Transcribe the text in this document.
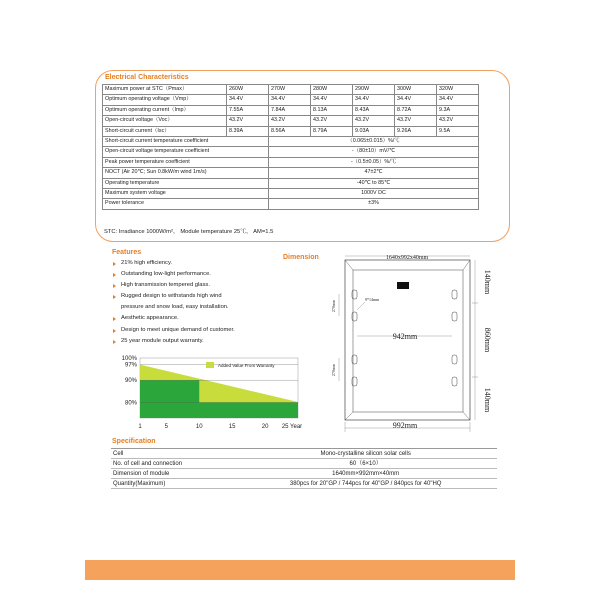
Electrical Characteristics
Maximum power at STC（Pmax）	260W	270W	280W	290W	300W	320W
Optimum operating voltage（Vmp）	34.4V	34.4V	34.4V	34.4V	34.4V	34.4V
Optimum operating current（Imp）	7.55A	7.84A	8.13A	8.43A	8.72A	9.3A
Open-circuit voltage（Voc）	43.2V	43.2V	43.2V	43.2V	43.2V	43.2V
Short-circuit current（Isc）	8.39A	8.56A	8.79A	9.03A	9.26A	9.5A
Short-circuit current temperature coefficient		（0.065±0.015）%/℃				
Open-circuit voltage temperature coefficient		-（80±10）mV/℃				
Peak power temperature coefficient		-（0.5±0.05）%/℃				
NOCT (Air 20℃; Sun 0.8kW/m wind 1m/s)		47±2℃				
Operating temperature		-40℃ to 85℃				
Maximum system voltage		1000V DC				
Power tolerance		±3%				
STC: Irradiance 1000W/m²， Module temperature 25℃， AM=1.5
Features
21% high efficiency.
Outstanding low-light performance.
High transmission tempered glass.
Rugged design to withstands high wind
pressure and snow load, easy installation.
Aesthetic appearance.
Design to meet unique demand of customer.
25 year module output warranty.
100%
97%
90%
80%
1	5	10	15	20 25 Year
Added Value From Warranty
Dimension	1640x992x40mm
140mm
860mm
140mm
270mm
270mm
9*14mm
942mm
992mm
Specification
Cell	Mono-crystalline silicon solar cells
No. of cell and connection	60（6×10）
Dimension of module	1640mm×992mm×40mm
Quantity(Maximum)	380pcs for 20"GP / 744pcs for 40"GP / 840pcs for 40"HQ
